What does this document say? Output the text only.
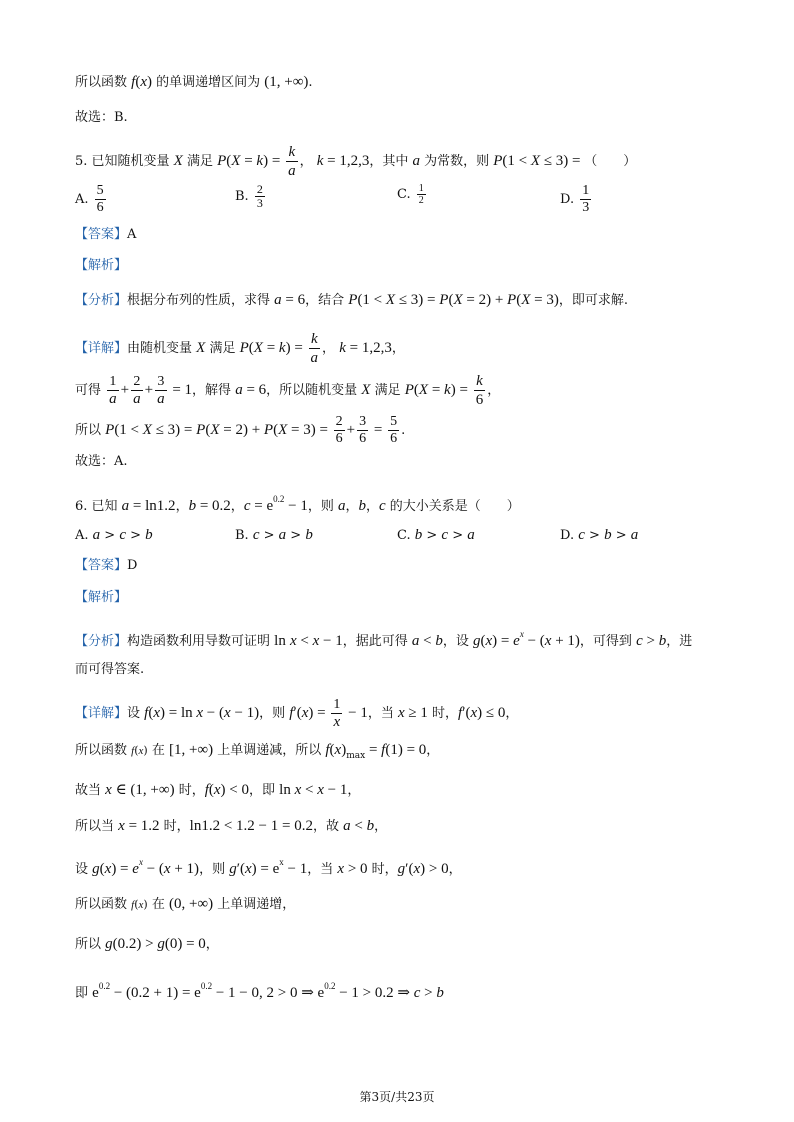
所以函数 f(x) 的单调递增区间为 (1, +∞).
故选：B.
5. 已知随机变量 X 满足 $P(X = k) = \frac{k}{a}$ ， k = 1,2,3，其中 a 为常数，则 P(1 < X ≤ 3) = （　　）
A. $\frac{5}{6}$	B. $\frac{2}{3}$	C. $\frac{1}{2}$	D. $\frac{1}{3}$
【答案】A
【解析】
【分析】根据分布列的性质，求得 a = 6，结合 P(1 < X ≤ 3) = P(X = 2) + P(X = 3)，即可求解.
【详解】由随机变量 X 满足 $P(X = k) = \frac{k}{a}$ ， k = 1,2,3，
可得 $\frac{1}{a} + \frac{2}{a} + \frac{3}{a} = 1$，解得 a = 6，所以随机变量 X 满足 $P(X = k) = \frac{k}{6}$ ，
所以 $P(1 < X \le 3) = P(X = 2) + P(X = 3) = \frac{2}{6} + \frac{3}{6} = \frac{5}{6}$ .
故选：A.
6. 已知 a = ln1.2，b = 0.2，$c = e^{0.2} - 1$，则 a，b，c 的大小关系是（　　）
A. a > c > b	B. c > a > b	C. b > c > a	D. c > b > a
【答案】D
【解析】
【分析】构造函数利用导数可证明 ln x < x − 1，据此可得 a < b，设 $g(x) = e^x - (x + 1)$，可得到 c > b，进
而可得答案.
【详解】设 f(x) = ln x − (x − 1)，则 $f'(x) = \frac{1}{x} - 1$，当 x ≥ 1 时，f′(x) ≤ 0，
所以函数 f(x) 在 [1, +∞) 上单调递减，所以 $f(x)_{max} = f(1) = 0$，
故当 x ∈ (1, +∞) 时，f(x) < 0，即 ln x < x − 1，
所以当 x = 1.2 时，ln1.2 < 1.2 − 1 = 0.2，故 a < b，
设 $g(x) = e^x - (x + 1)$，则 $g'(x) = e^x - 1$，当 x > 0 时，g′(x) > 0，
所以函数 f(x) 在 (0, +∞) 上单调递增，
所以 g(0.2) > g(0) = 0，
即 $e^{0.2} - (0.2 + 1) = e^{0.2} - 1 - 0$, 2 > 0 ⇒ $e^{0.2} - 1 > 0.2$ ⇒ c > b
第3页/共23页
